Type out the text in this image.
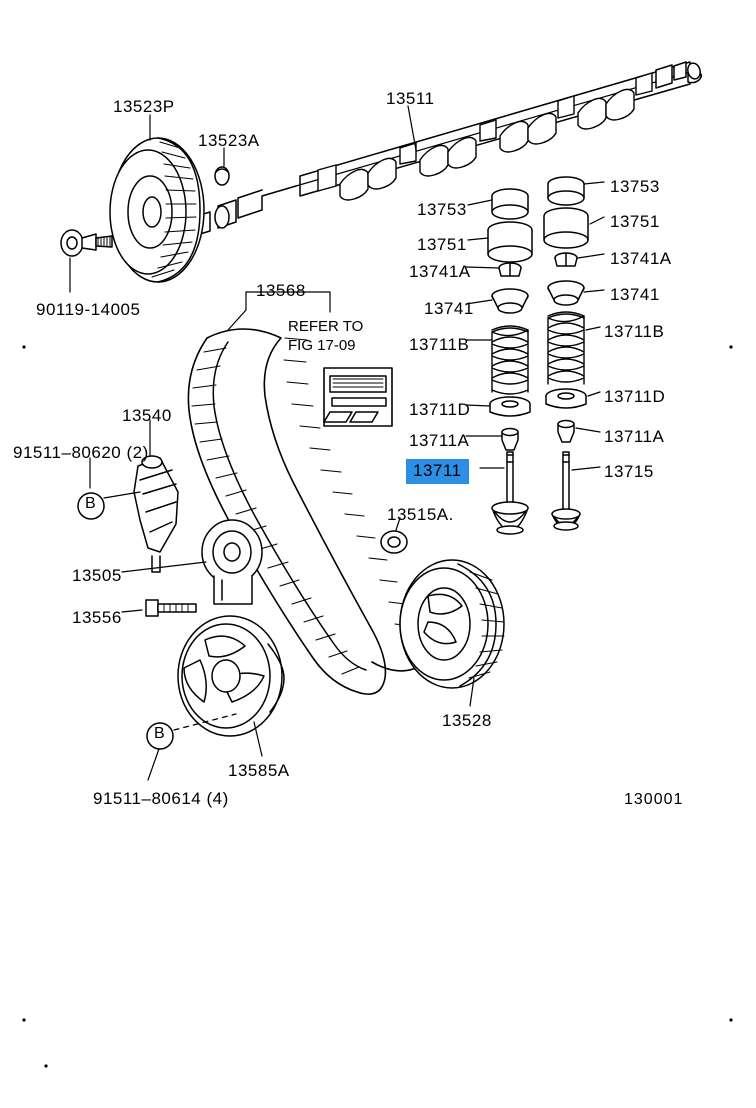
REFER TO
FIG 17-09
13523P
13523A
13511
13753
13753
13751
13751
13741A
13741A
13741
13741
13711B
13711B
13711D
13711D
13711A
13711A
13715
13711
90119-14005
13568
13540
91511–80620 (2)
13505
13556
13515A.
13528
13585A
91511–80614 (4)
B
B
130001
